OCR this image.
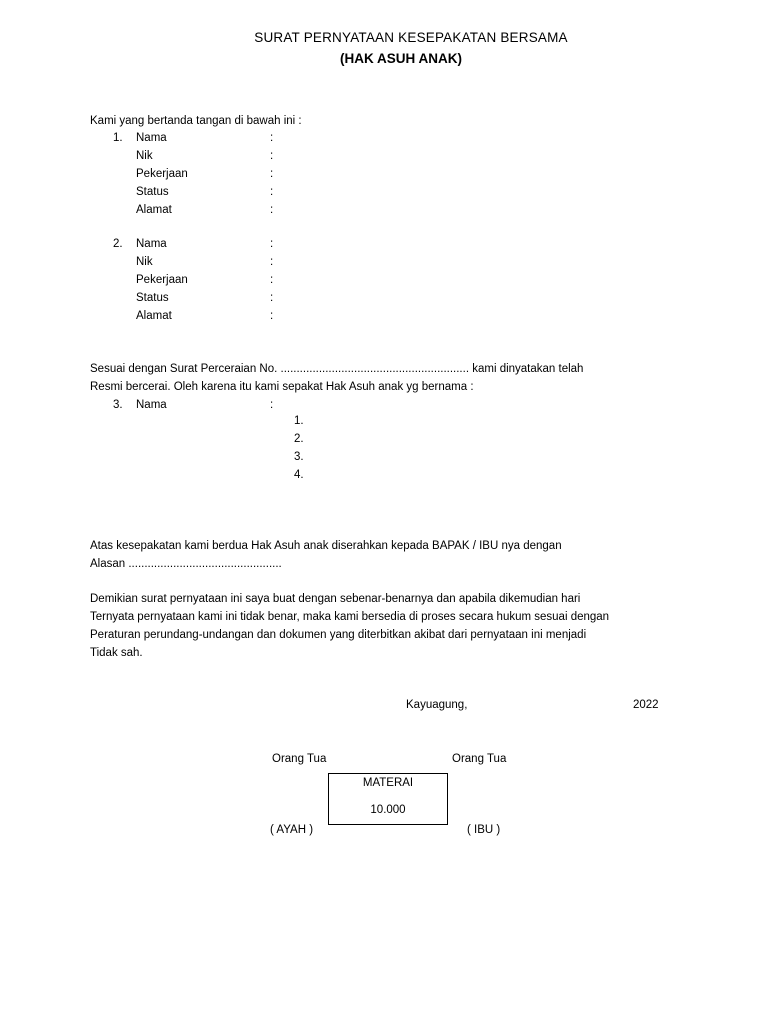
SURAT PERNYATAAN KESEPAKATAN BERSAMA
(HAK ASUH ANAK)
Kami yang bertanda tangan di bawah ini :
1. Nama	:
Nik	:
Pekerjaan	:
Status	:
Alamat	:
2. Nama	:
Nik	:
Pekerjaan	:
Status	:
Alamat	:
Sesuai dengan Surat Perceraian No. ........................................................... kami dinyatakan telah
Resmi bercerai. Oleh karena itu kami sepakat Hak Asuh anak yg bernama :
3. Nama	:
1.
2.
3.
4.
Atas kesepakatan kami berdua Hak Asuh anak diserahkan kepada BAPAK / IBU nya dengan
Alasan ................................................
Demikian surat pernyataan ini saya buat dengan sebenar-benarnya dan apabila dikemudian hari
Ternyata pernyataan kami ini tidak benar, maka kami bersedia di proses secara hukum sesuai dengan
Peraturan perundang-undangan dan dokumen yang diterbitkan akibat dari pernyataan ini menjadi
Tidak sah.
Kayuagung,	2022
Orang Tua	Orang Tua
MATERAI
10.000
( AYAH )	( IBU )
